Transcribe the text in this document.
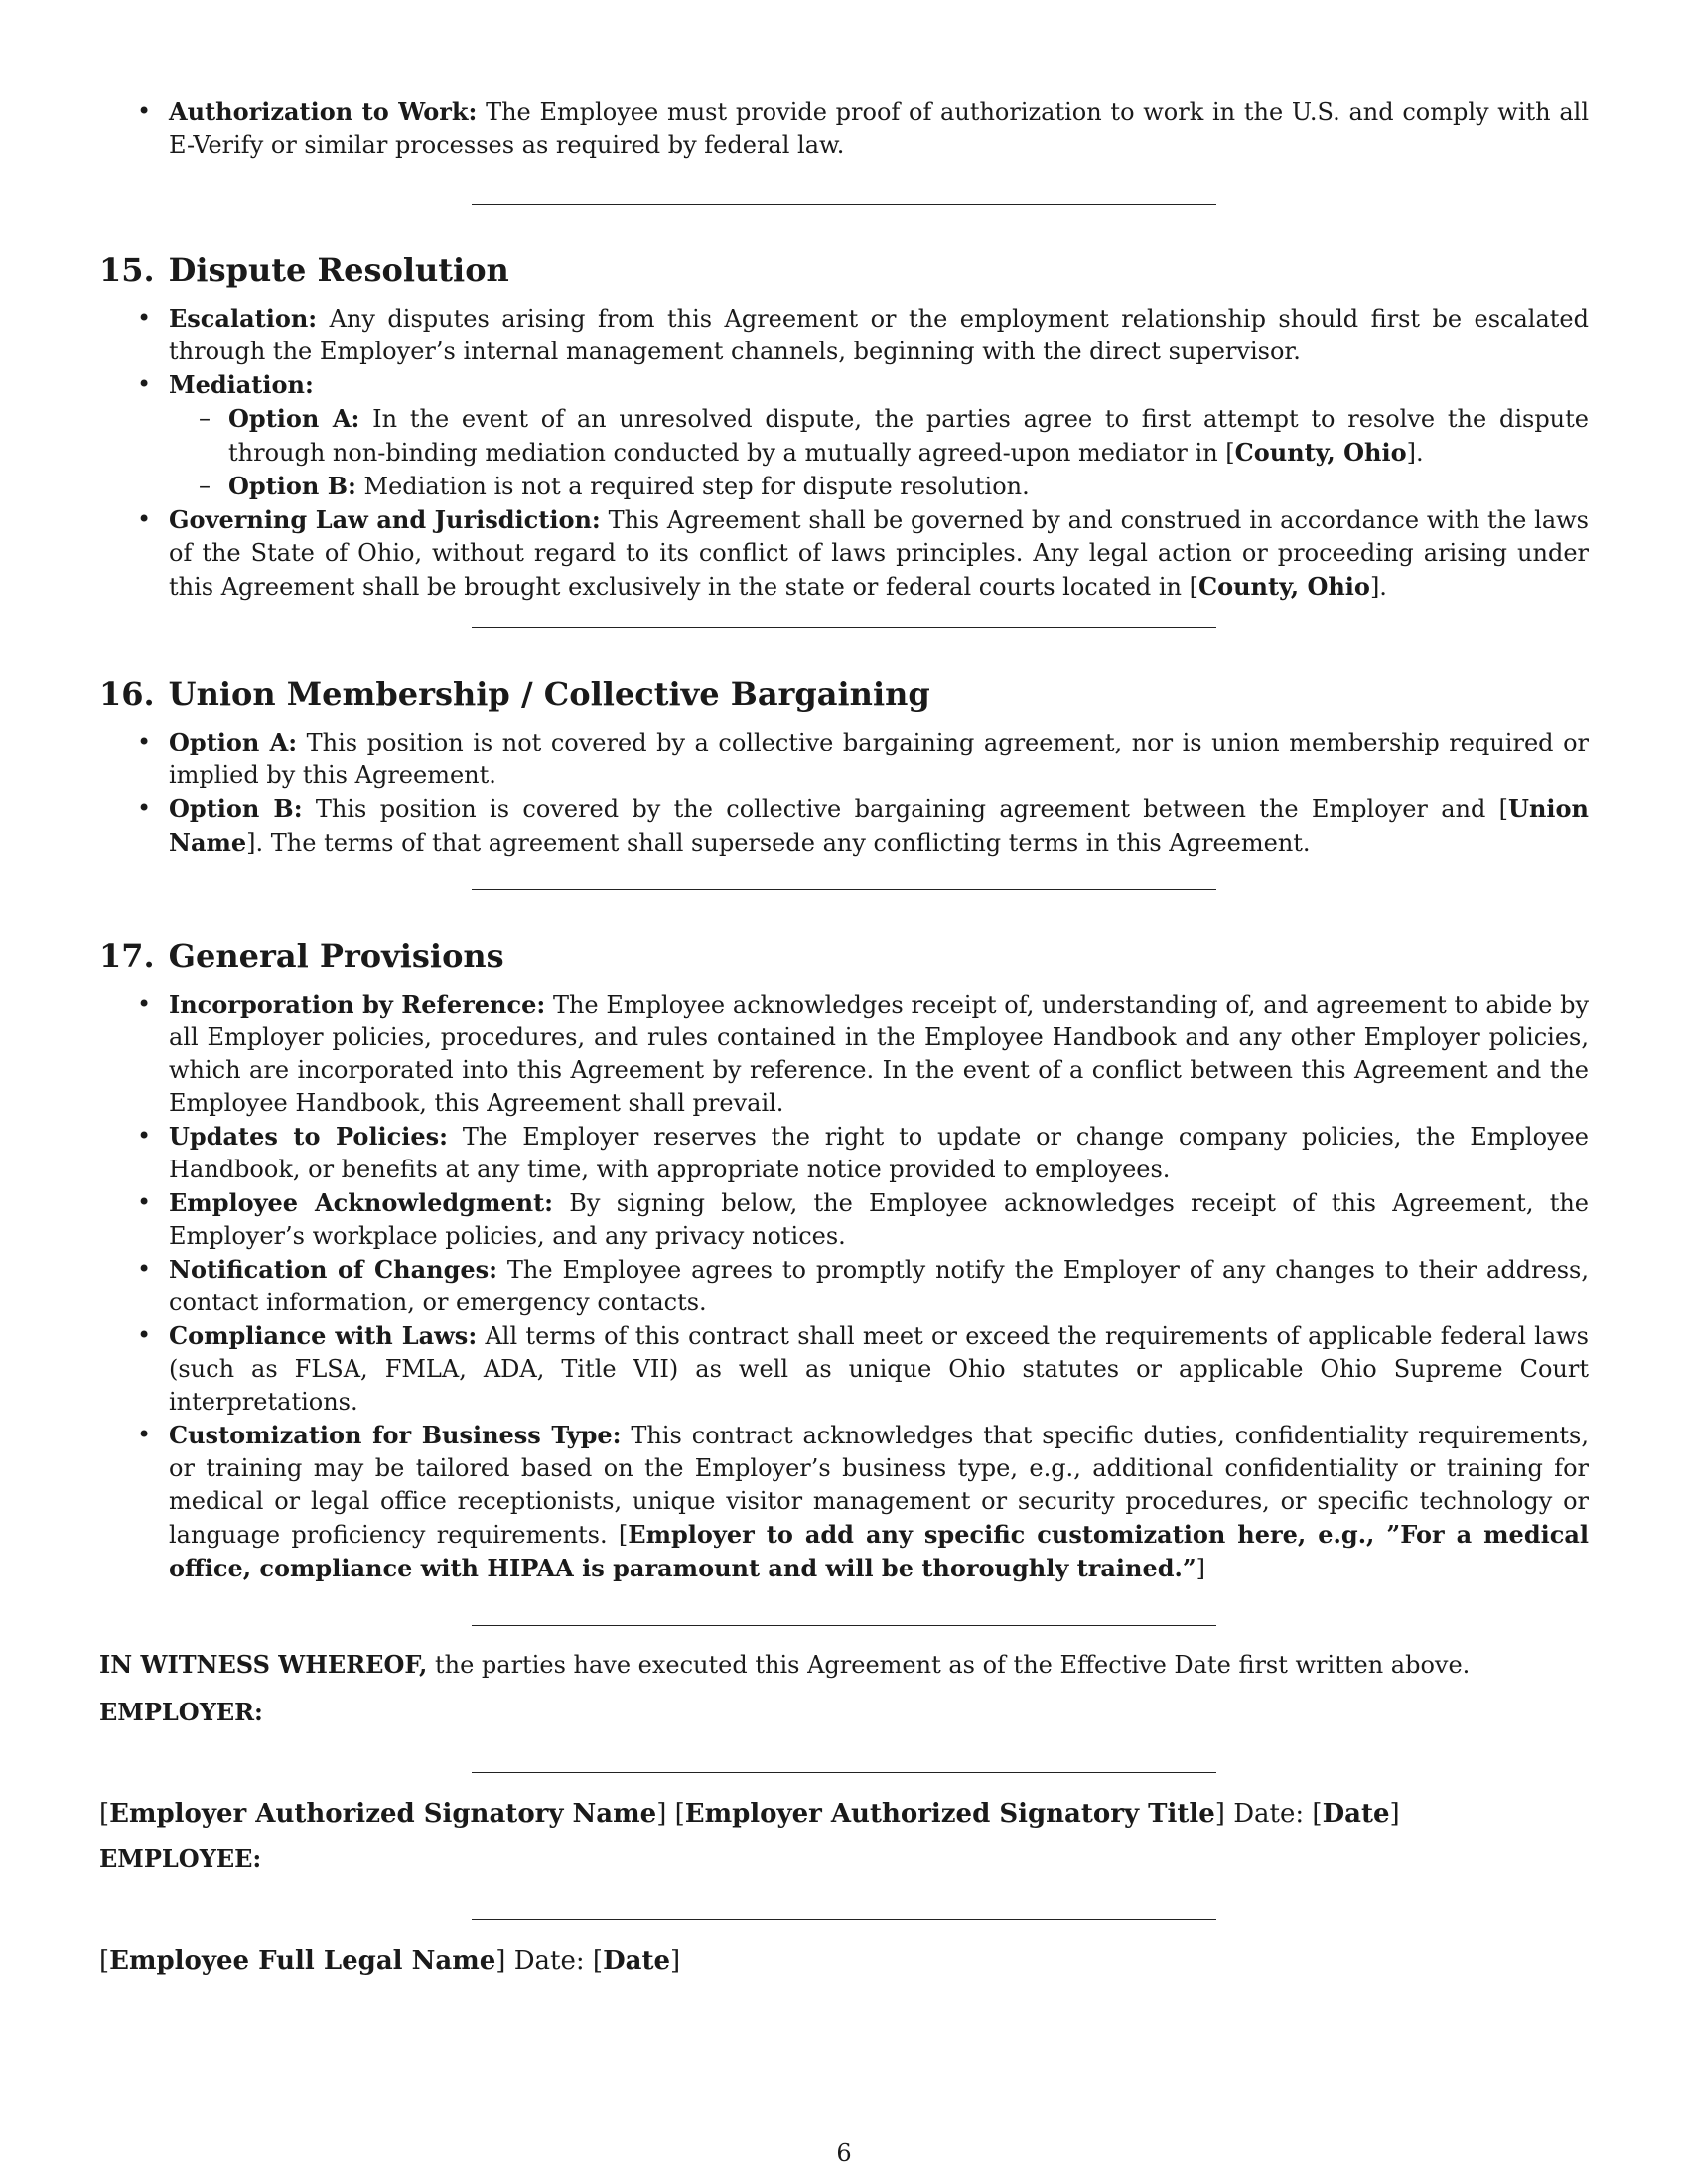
• Authorization to Work: The Employee must provide proof of authorization to work in the U.S. and comply with all E-Verify or similar processes as required by federal law.
15. Dispute Resolution
• Escalation: Any disputes arising from this Agreement or the employment relationship should first be escalated through the Employer’s internal management channels, beginning with the direct supervisor.
• Mediation:
– Option A: In the event of an unresolved dispute, the parties agree to first attempt to resolve the dispute through non-binding mediation conducted by a mutually agreed-upon mediator in [County, Ohio].
– Option B: Mediation is not a required step for dispute resolution.
• Governing Law and Jurisdiction: This Agreement shall be governed by and construed in accordance with the laws of the State of Ohio, without regard to its conflict of laws principles. Any legal action or proceeding arising under this Agreement shall be brought exclusively in the state or federal courts located in [County, Ohio].
16. Union Membership / Collective Bargaining
• Option A: This position is not covered by a collective bargaining agreement, nor is union membership required or implied by this Agreement.
• Option B: This position is covered by the collective bargaining agreement between the Employer and [Union Name]. The terms of that agreement shall supersede any conflicting terms in this Agreement.
17. General Provisions
• Incorporation by Reference: The Employee acknowledges receipt of, understanding of, and agreement to abide by all Employer policies, procedures, and rules contained in the Employee Handbook and any other Employer policies, which are incorporated into this Agreement by reference. In the event of a conflict between this Agreement and the Employee Handbook, this Agreement shall prevail.
• Updates to Policies: The Employer reserves the right to update or change company policies, the Employee Handbook, or benefits at any time, with appropriate notice provided to employees.
• Employee Acknowledgment: By signing below, the Employee acknowledges receipt of this Agreement, the Employer’s workplace policies, and any privacy notices.
• Notification of Changes: The Employee agrees to promptly notify the Employer of any changes to their address, contact information, or emergency contacts.
• Compliance with Laws: All terms of this contract shall meet or exceed the requirements of applicable federal laws (such as FLSA, FMLA, ADA, Title VII) as well as unique Ohio statutes or applicable Ohio Supreme Court interpretations.
• Customization for Business Type: This contract acknowledges that specific duties, confidentiality requirements, or training may be tailored based on the Employer’s business type, e.g., additional confidentiality or training for medical or legal office receptionists, unique visitor management or security procedures, or specific technology or language proficiency requirements. [Employer to add any specific customization here, e.g., ”For a medical office, compliance with HIPAA is paramount and will be thoroughly trained.”]
IN WITNESS WHEREOF, the parties have executed this Agreement as of the Effective Date first written above.
EMPLOYER:
[Employer Authorized Signatory Name] [Employer Authorized Signatory Title] Date: [Date]
EMPLOYEE:
[Employee Full Legal Name] Date: [Date]
6
